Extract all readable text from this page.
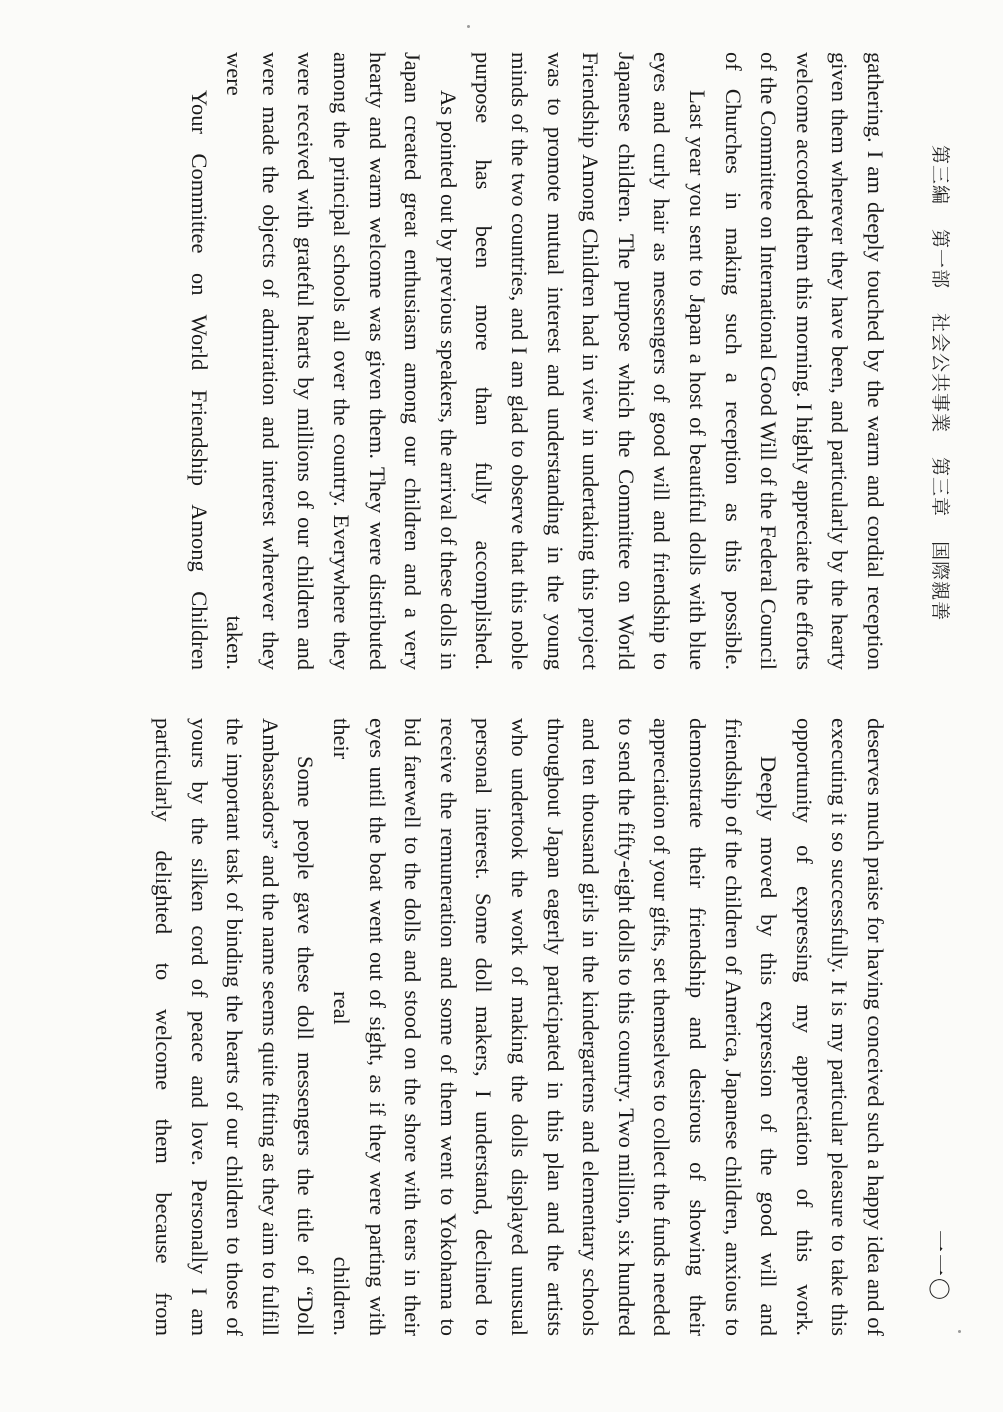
第三編第一部社会公共事業第三章国際親善
一一〇

gathering. I am deeply touched by the warm and cordial reception given them wherever they have been, and particularly by the hearty welcome accorded them this morning. I highly appreciate the efforts of the Committee on International Good Will of the Federal Council of Churches in making such a reception as this possible.

Last year you sent to Japan a host of beautiful dolls with blue eyes and curly hair as messengers of good will and friendship to Japanese children. The purpose which the Committee on World Friendship Among Children had in view in undertaking this project was to promote mutual interest and understanding in the young minds of the two countries, and I am glad to observe that this noble purpose has been more than fully accomplished.

As pointed out by previous speakers, the arrival of these dolls in Japan created great enthusiasm among our children and a very hearty and warm welcome was given them. They were distributed among the principal schools all over the country. Everywhere they were received with grateful hearts by millions of our children and were made the objects of admiration and interest wherever they were taken.

Your Committee on World Friendship Among Children

deserves much praise for having conceived such a happy idea and of executing it so successfully. It is my particular pleasure to take this opportunity of expressing my appreciation of this work.

Deeply moved by this expression of the good will and friendship of the children of America, Japanese children, anxious to demonstrate their friendship and desirous of showing their appreciation of your gifts, set themselves to collect the funds needed to send the fifty-eight dolls to this country. Two million, six hundred and ten thousand girls in the kindergartens and elementary schools throughout Japan eagerly participated in this plan and the artists who undertook the work of making the dolls displayed unusual personal interest. Some doll makers, I understand, declined to receive the remuneration and some of them went to Yokohama to bid farewell to the dolls and stood on the shore with tears in their eyes until the boat went out of sight, as if they were parting with their real children.

Some people gave these doll messengers the title of “Doll Ambassadors” and the name seems quite fitting as they aim to fulfill the important task of binding the hearts of our children to those of yours by the silken cord of peace and love. Personally I am particularly delighted to welcome them because from
